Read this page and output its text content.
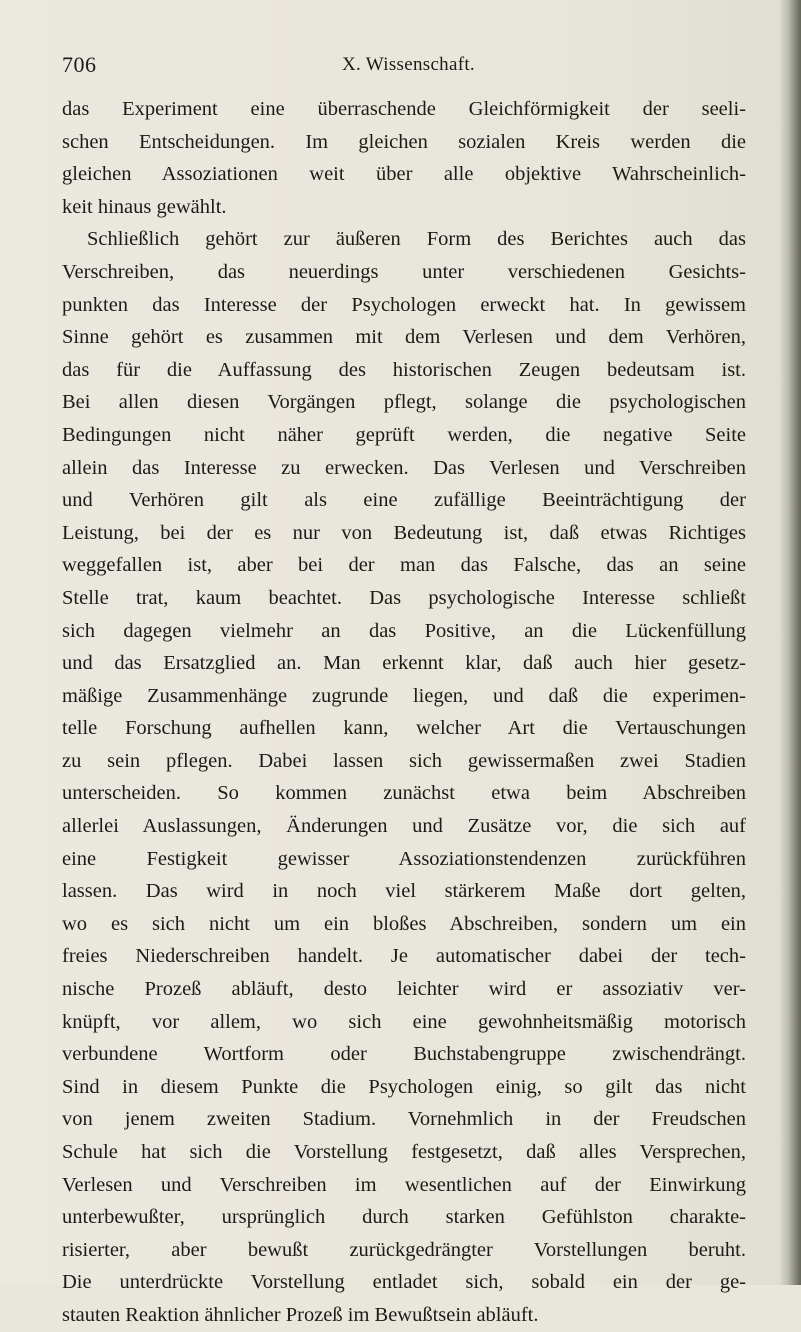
706	X. Wissenschaft.
das Experiment eine überraschende Gleichförmigkeit der seeli-
schen Entscheidungen. Im gleichen sozialen Kreis werden die
gleichen Assoziationen weit über alle objektive Wahrscheinlich-
keit hinaus gewählt.
Schließlich gehört zur äußeren Form des Berichtes auch das
Verschreiben, das neuerdings unter verschiedenen Gesichts-
punkten das Interesse der Psychologen erweckt hat. In gewissem
Sinne gehört es zusammen mit dem Verlesen und dem Verhören,
das für die Auffassung des historischen Zeugen bedeutsam ist.
Bei allen diesen Vorgängen pflegt, solange die psychologischen
Bedingungen nicht näher geprüft werden, die negative Seite
allein das Interesse zu erwecken. Das Verlesen und Verschreiben
und Verhören gilt als eine zufällige Beeinträchtigung der
Leistung, bei der es nur von Bedeutung ist, daß etwas Richtiges
weggefallen ist, aber bei der man das Falsche, das an seine
Stelle trat, kaum beachtet. Das psychologische Interesse schließt
sich dagegen vielmehr an das Positive, an die Lückenfüllung
und das Ersatzglied an. Man erkennt klar, daß auch hier gesetz-
mäßige Zusammenhänge zugrunde liegen, und daß die experimen-
telle Forschung aufhellen kann, welcher Art die Vertauschungen
zu sein pflegen. Dabei lassen sich gewissermaßen zwei Stadien
unterscheiden. So kommen zunächst etwa beim Abschreiben
allerlei Auslassungen, Änderungen und Zusätze vor, die sich auf
eine Festigkeit gewisser Assoziationstendenzen zurückführen
lassen. Das wird in noch viel stärkerem Maße dort gelten,
wo es sich nicht um ein bloßes Abschreiben, sondern um ein
freies Niederschreiben handelt. Je automatischer dabei der tech-
nische Prozeß abläuft, desto leichter wird er assoziativ ver-
knüpft, vor allem, wo sich eine gewohnheitsmäßig motorisch
verbundene Wortform oder Buchstabengruppe zwischendrängt.
Sind in diesem Punkte die Psychologen einig, so gilt das nicht
von jenem zweiten Stadium. Vornehmlich in der Freudschen
Schule hat sich die Vorstellung festgesetzt, daß alles Versprechen,
Verlesen und Verschreiben im wesentlichen auf der Einwirkung
unterbewußter, ursprünglich durch starken Gefühlston charakte-
risierter, aber bewußt zurückgedrängter Vorstellungen beruht.
Die unterdrückte Vorstellung entladet sich, sobald ein der ge-
stauten Reaktion ähnlicher Prozeß im Bewußtsein abläuft.
